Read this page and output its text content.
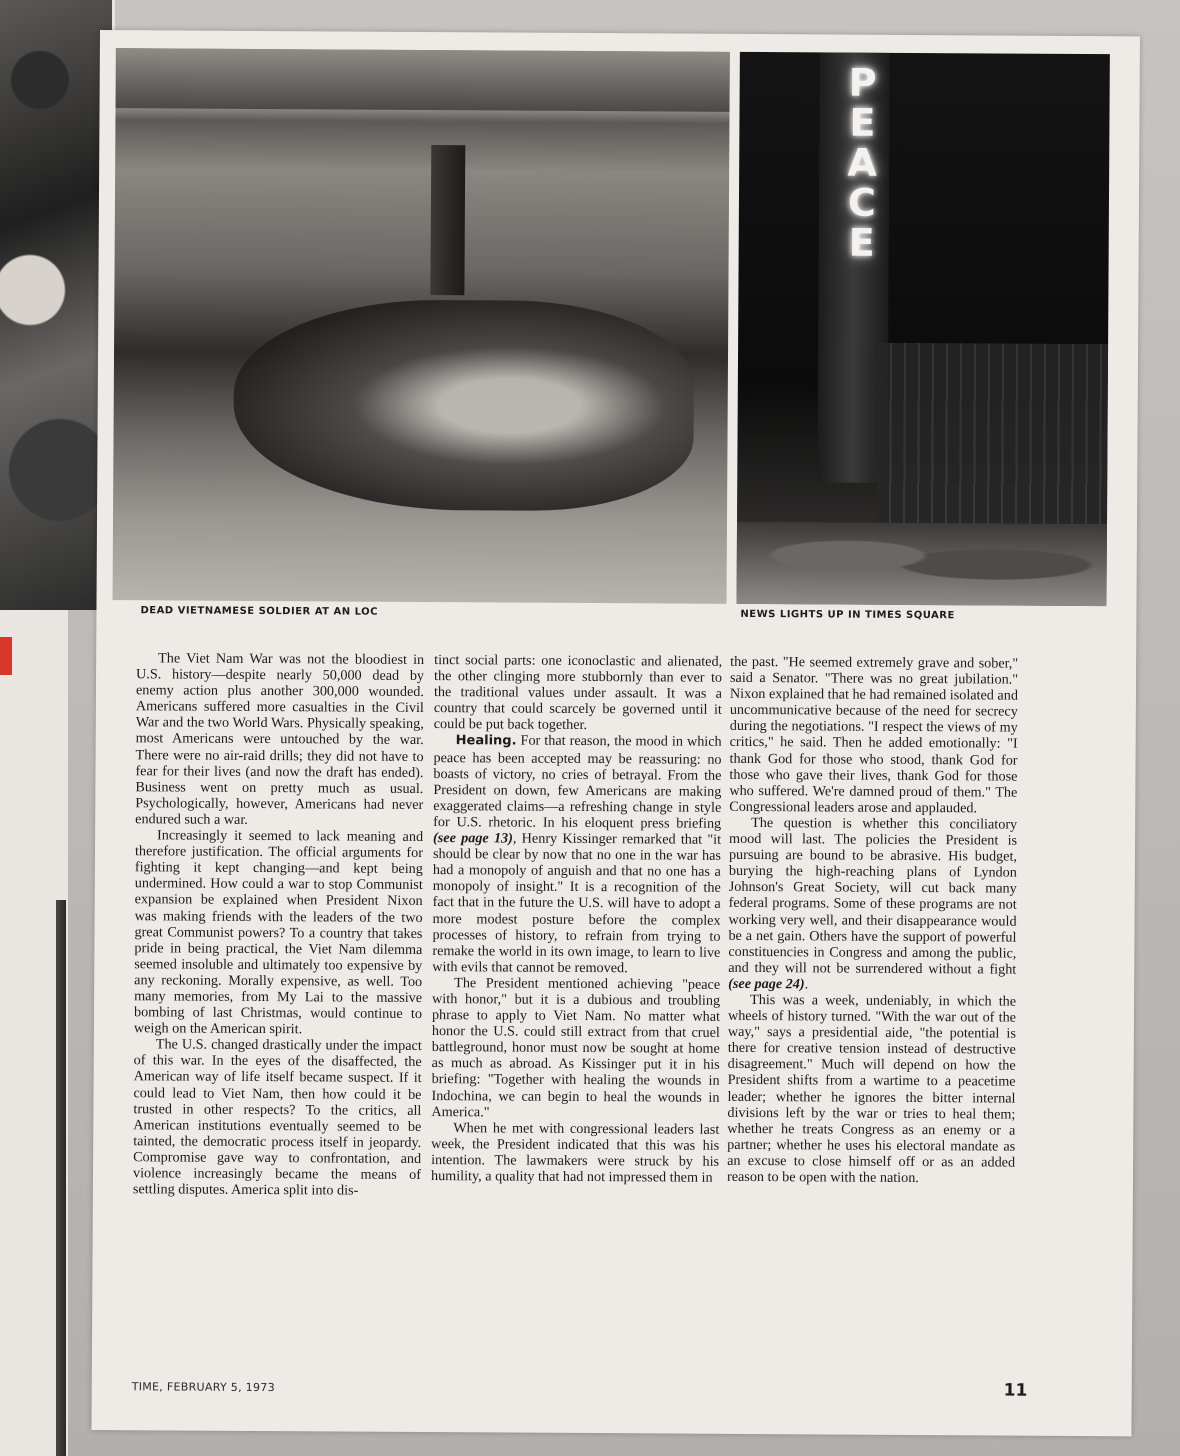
P
E
A
C
E
DEAD VIETNAMESE SOLDIER AT AN LOC	NEWS LIGHTS UP IN TIMES SQUARE

The Viet Nam War was not the bloodiest in U.S. history—despite nearly 50,000 dead by enemy action plus another 300,000 wounded. Americans suffered more casualties in the Civil War and the two World Wars. Physically speaking, most Americans were untouched by the war. There were no air-raid drills; they did not have to fear for their lives (and now the draft has ended). Business went on pretty much as usual. Psychologically, however, Americans had never endured such a war.

Increasingly it seemed to lack meaning and therefore justification. The official arguments for fighting it kept changing—and kept being undermined. How could a war to stop Communist expansion be explained when President Nixon was making friends with the leaders of the two great Communist powers? To a country that takes pride in being practical, the Viet Nam dilemma seemed insoluble and ultimately too expensive by any reckoning. Morally expensive, as well. Too many memories, from My Lai to the massive bombing of last Christmas, would continue to weigh on the American spirit.

The U.S. changed drastically under the impact of this war. In the eyes of the disaffected, the American way of life itself became suspect. If it could lead to Viet Nam, then how could it be trusted in other respects? To the critics, all American institutions eventually seemed to be tainted, the democratic process itself in jeopardy. Compromise gave way to confrontation, and violence increasingly became the means of settling disputes. America split into dis-

tinct social parts: one iconoclastic and alienated, the other clinging more stubbornly than ever to the traditional values under assault. It was a country that could scarcely be governed until it could be put back together.

Healing. For that reason, the mood in which peace has been accepted may be reassuring: no boasts of victory, no cries of betrayal. From the President on down, few Americans are making exaggerated claims—a refreshing change in style for U.S. rhetoric. In his eloquent press briefing (see page 13), Henry Kissinger remarked that "it should be clear by now that no one in the war has had a monopoly of anguish and that no one has a monopoly of insight." It is a recognition of the fact that in the future the U.S. will have to adopt a more modest posture before the complex processes of history, to refrain from trying to remake the world in its own image, to learn to live with evils that cannot be removed.

The President mentioned achieving "peace with honor," but it is a dubious and troubling phrase to apply to Viet Nam. No matter what honor the U.S. could still extract from that cruel battleground, honor must now be sought at home as much as abroad. As Kissinger put it in his briefing: "Together with healing the wounds in Indochina, we can begin to heal the wounds in America."

When he met with congressional leaders last week, the President indicated that this was his intention. The lawmakers were struck by his humility, a quality that had not impressed them in

the past. "He seemed extremely grave and sober," said a Senator. "There was no great jubilation." Nixon explained that he had remained isolated and uncommunicative because of the need for secrecy during the negotiations. "I respect the views of my critics," he said. Then he added emotionally: "I thank God for those who stood, thank God for those who gave their lives, thank God for those who suffered. We're damned proud of them." The Congressional leaders arose and applauded.

The question is whether this conciliatory mood will last. The policies the President is pursuing are bound to be abrasive. His budget, burying the high-reaching plans of Lyndon Johnson's Great Society, will cut back many federal programs. Some of these programs are not working very well, and their disappearance would be a net gain. Others have the support of powerful constituencies in Congress and among the public, and they will not be surrendered without a fight (see page 24).

This was a week, undeniably, in which the wheels of history turned. "With the war out of the way," says a presidential aide, "the potential is there for creative tension instead of destructive disagreement." Much will depend on how the President shifts from a wartime to a peacetime leader; whether he ignores the bitter internal divisions left by the war or tries to heal them; whether he treats Congress as an enemy or a partner; whether he uses his electoral mandate as an excuse to close himself off or as an added reason to be open with the nation.

TIME, FEBRUARY 5, 1973	11
